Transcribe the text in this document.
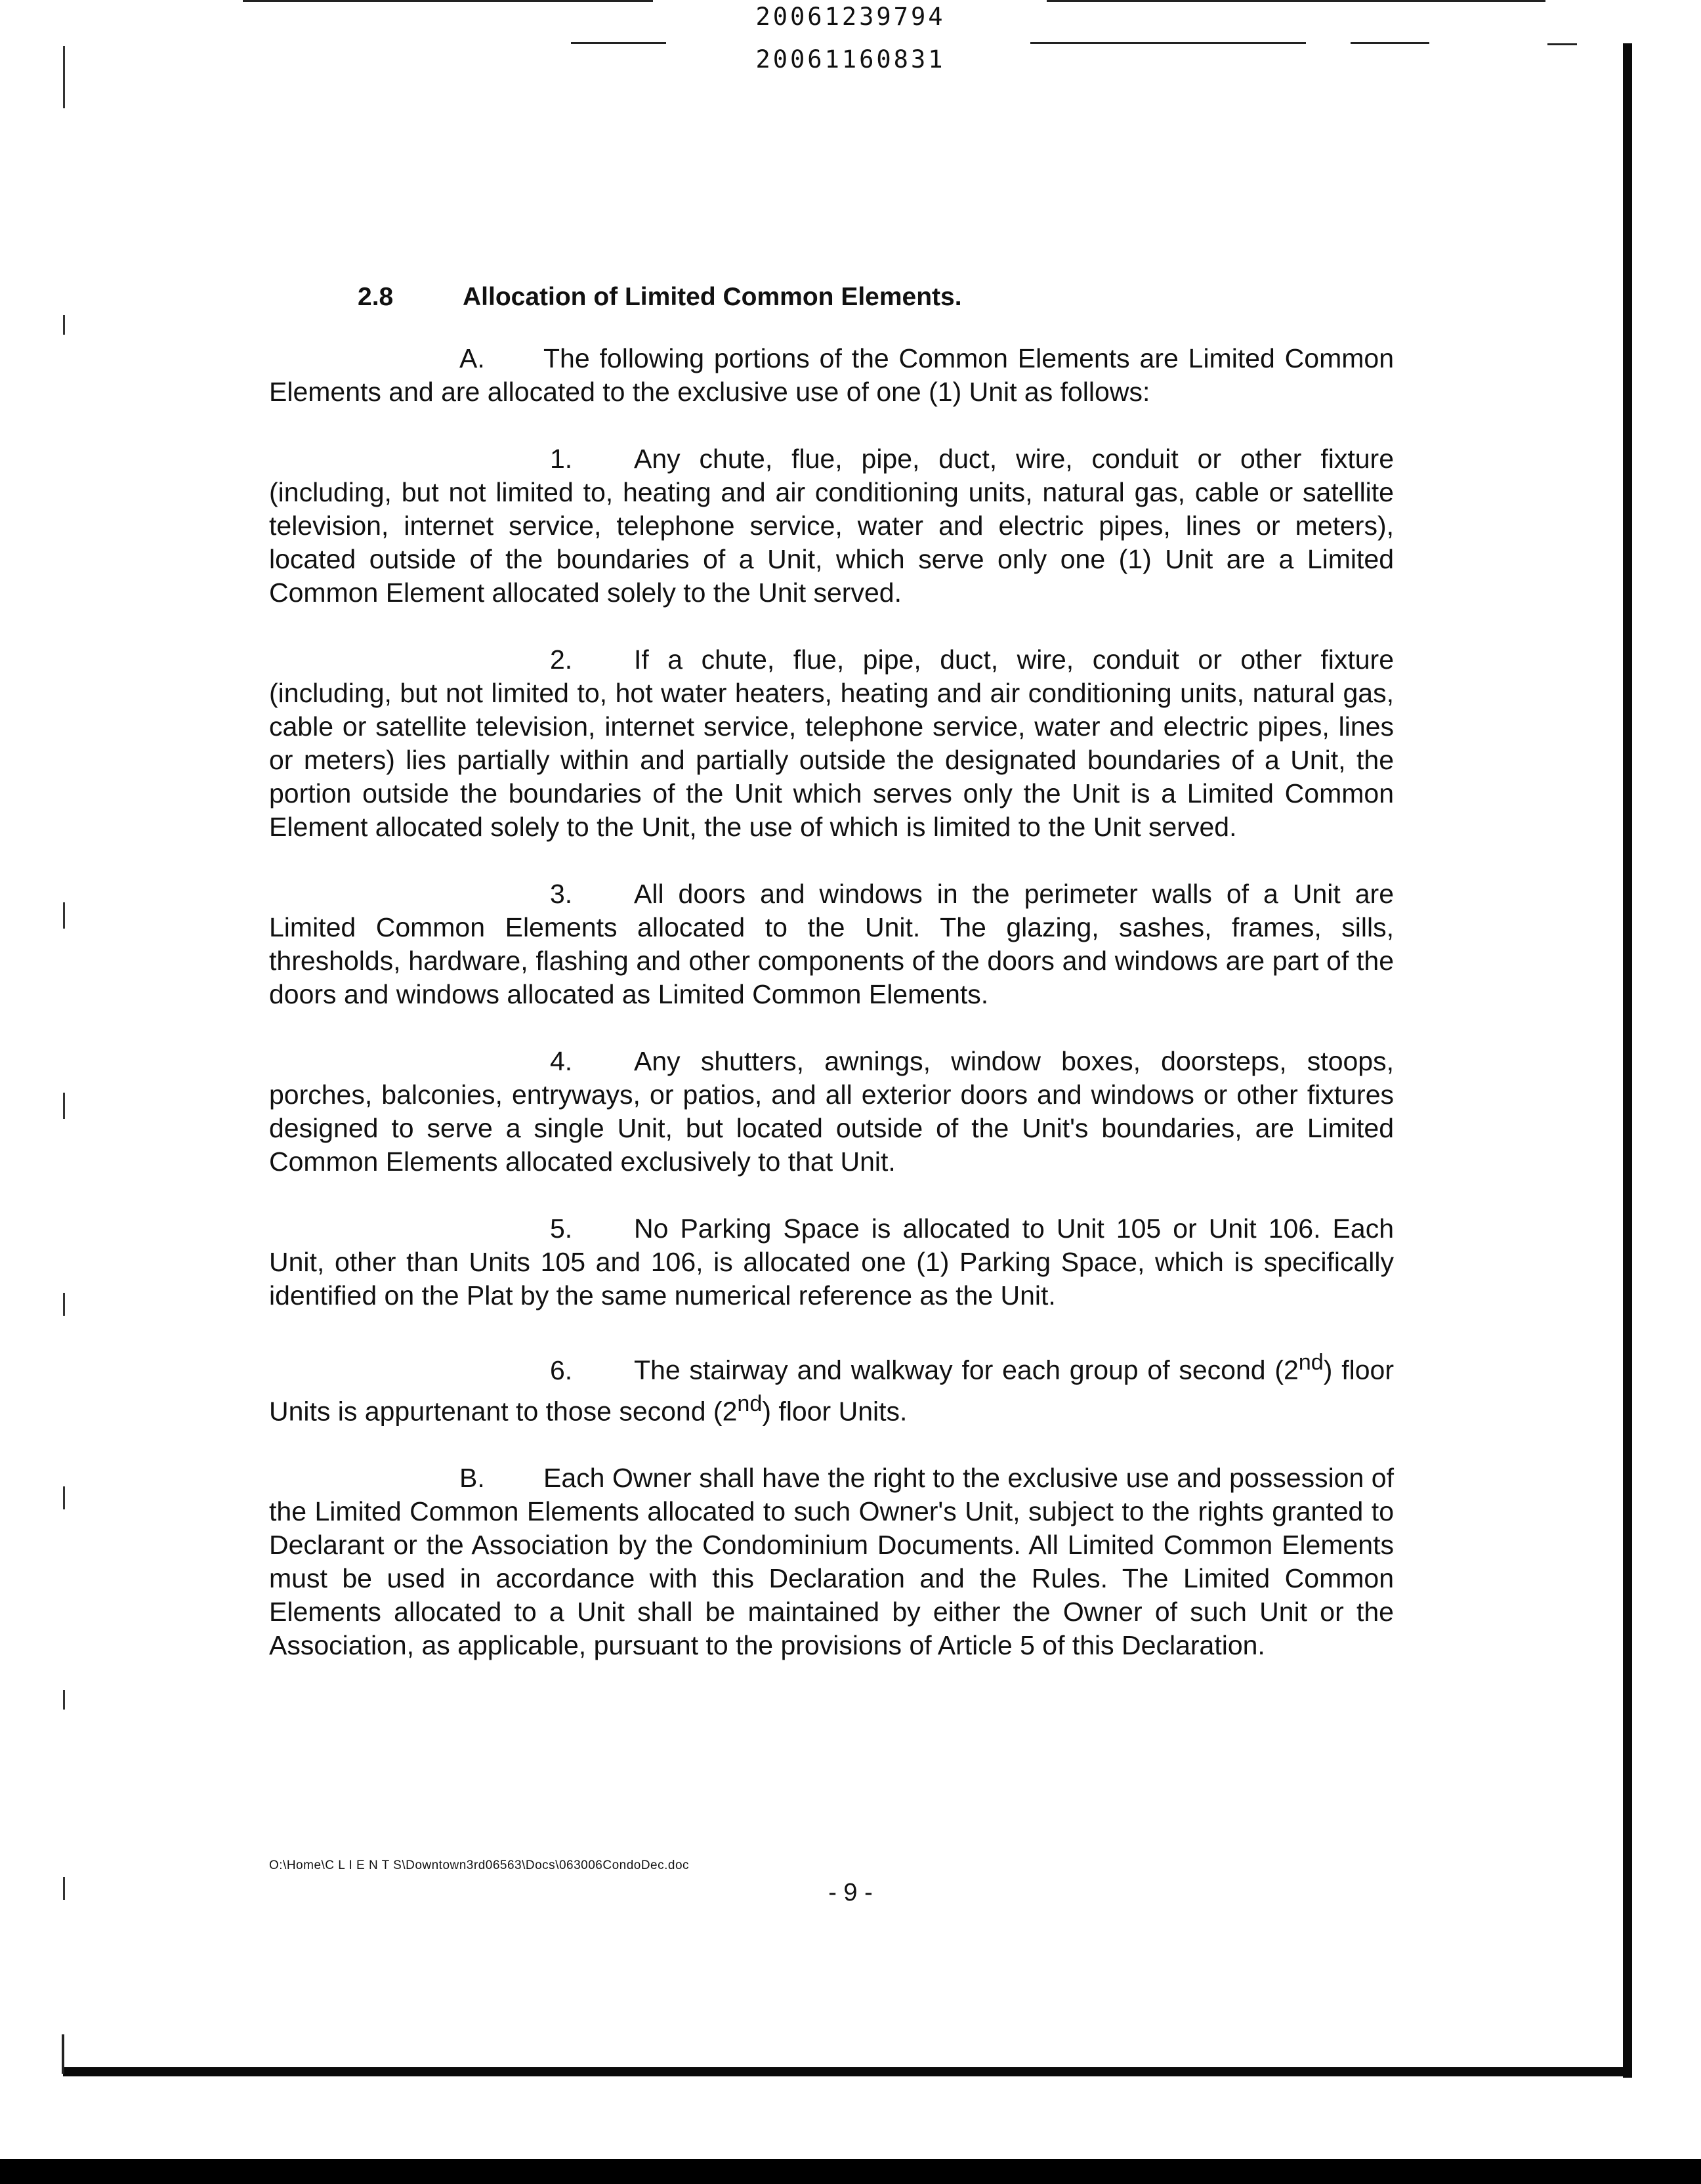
20061239794
20061160831
2.8	Allocation of Limited Common Elements.

A. The following portions of the Common Elements are Limited Common Elements and are allocated to the exclusive use of one (1) Unit as follows:

1. Any chute, flue, pipe, duct, wire, conduit or other fixture (including, but not limited to, heating and air conditioning units, natural gas, cable or satellite television, internet service, telephone service, water and electric pipes, lines or meters), located outside of the boundaries of a Unit, which serve only one (1) Unit are a Limited Common Element allocated solely to the Unit served.

2. If a chute, flue, pipe, duct, wire, conduit or other fixture (including, but not limited to, hot water heaters, heating and air conditioning units, natural gas, cable or satellite television, internet service, telephone service, water and electric pipes, lines or meters) lies partially within and partially outside the designated boundaries of a Unit, the portion outside the boundaries of the Unit which serves only the Unit is a Limited Common Element allocated solely to the Unit, the use of which is limited to the Unit served.

3. All doors and windows in the perimeter walls of a Unit are Limited Common Elements allocated to the Unit. The glazing, sashes, frames, sills, thresholds, hardware, flashing and other components of the doors and windows are part of the doors and windows allocated as Limited Common Elements.

4. Any shutters, awnings, window boxes, doorsteps, stoops, porches, balconies, entryways, or patios, and all exterior doors and windows or other fixtures designed to serve a single Unit, but located outside of the Unit's boundaries, are Limited Common Elements allocated exclusively to that Unit.

5. No Parking Space is allocated to Unit 105 or Unit 106. Each Unit, other than Units 105 and 106, is allocated one (1) Parking Space, which is specifically identified on the Plat by the same numerical reference as the Unit.

6. The stairway and walkway for each group of second (2nd) floor Units is appurtenant to those second (2nd) floor Units.

B. Each Owner shall have the right to the exclusive use and possession of the Limited Common Elements allocated to such Owner's Unit, subject to the rights granted to Declarant or the Association by the Condominium Documents. All Limited Common Elements must be used in accordance with this Declaration and the Rules. The Limited Common Elements allocated to a Unit shall be maintained by either the Owner of such Unit or the Association, as applicable, pursuant to the provisions of Article 5 of this Declaration.

O:\Home\C L I E N T S\Downtown3rd06563\Docs\063006CondoDec.doc
- 9 -
